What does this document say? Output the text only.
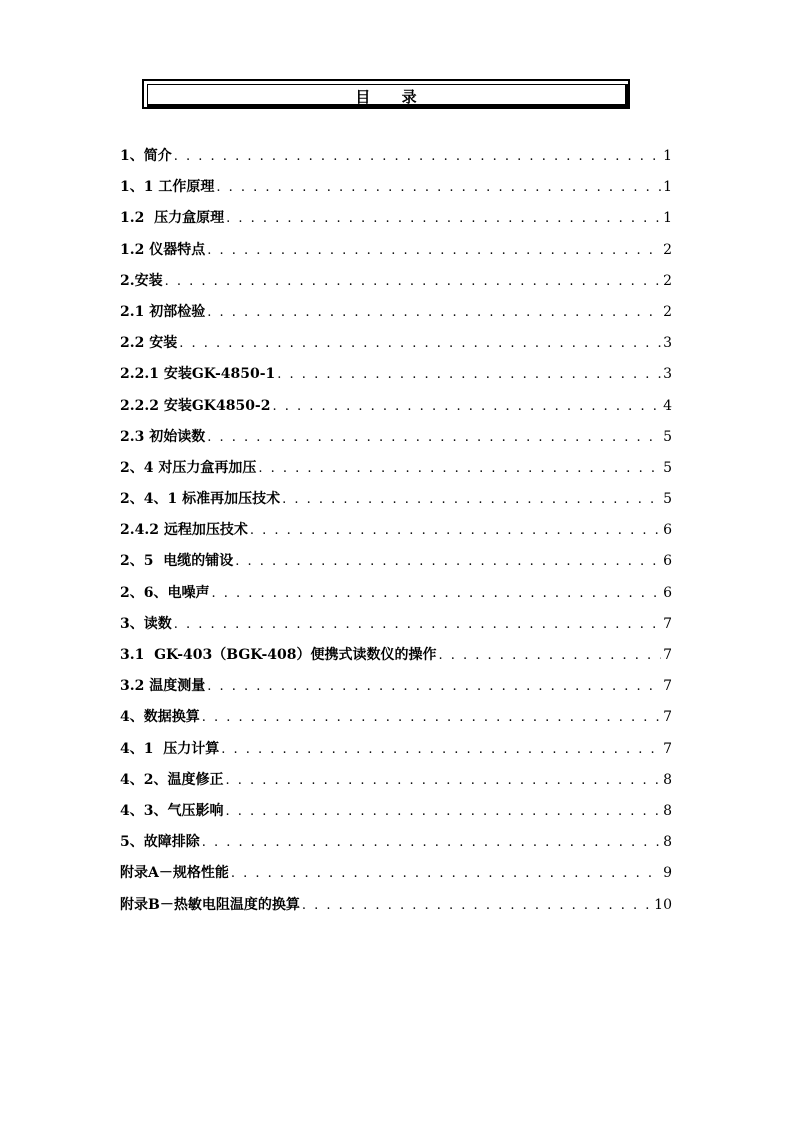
目      录
1、简介 . . .	1
1、1 工作原理 . . .	1
1.2  压力盒原理 . . .	1
1.2 仪器特点 . . .	2
2.安装 . . .	2
2.1 初部检验 . . .	2
2.2 安装 . . .	3
2.2.1 安装GK-4850-1 . . .	3
2.2.2 安装GK4850-2 . . .	4
2.3 初始读数 . . .	5
2、4 对压力盒再加压 . . .	5
2、4、1 标准再加压技术 . . .	5
2.4.2 远程加压技术 . . .	6
2、5  电缆的铺设 . . .	6
2、6、电噪声 . . .	6
3、读数 . . .	7
3.1  GK-403（BGK-408）便携式读数仪的操作 . . .	7
3.2 温度测量 . . .	7
4、数据换算 . . .	7
4、1  压力计算 . . .	7
4、2、温度修正 . . .	8
4、3、气压影响 . . .	8
5、故障排除 . . .	8
附录A－规格性能 . . .	9
附录B－热敏电阻温度的换算 . . .	10
